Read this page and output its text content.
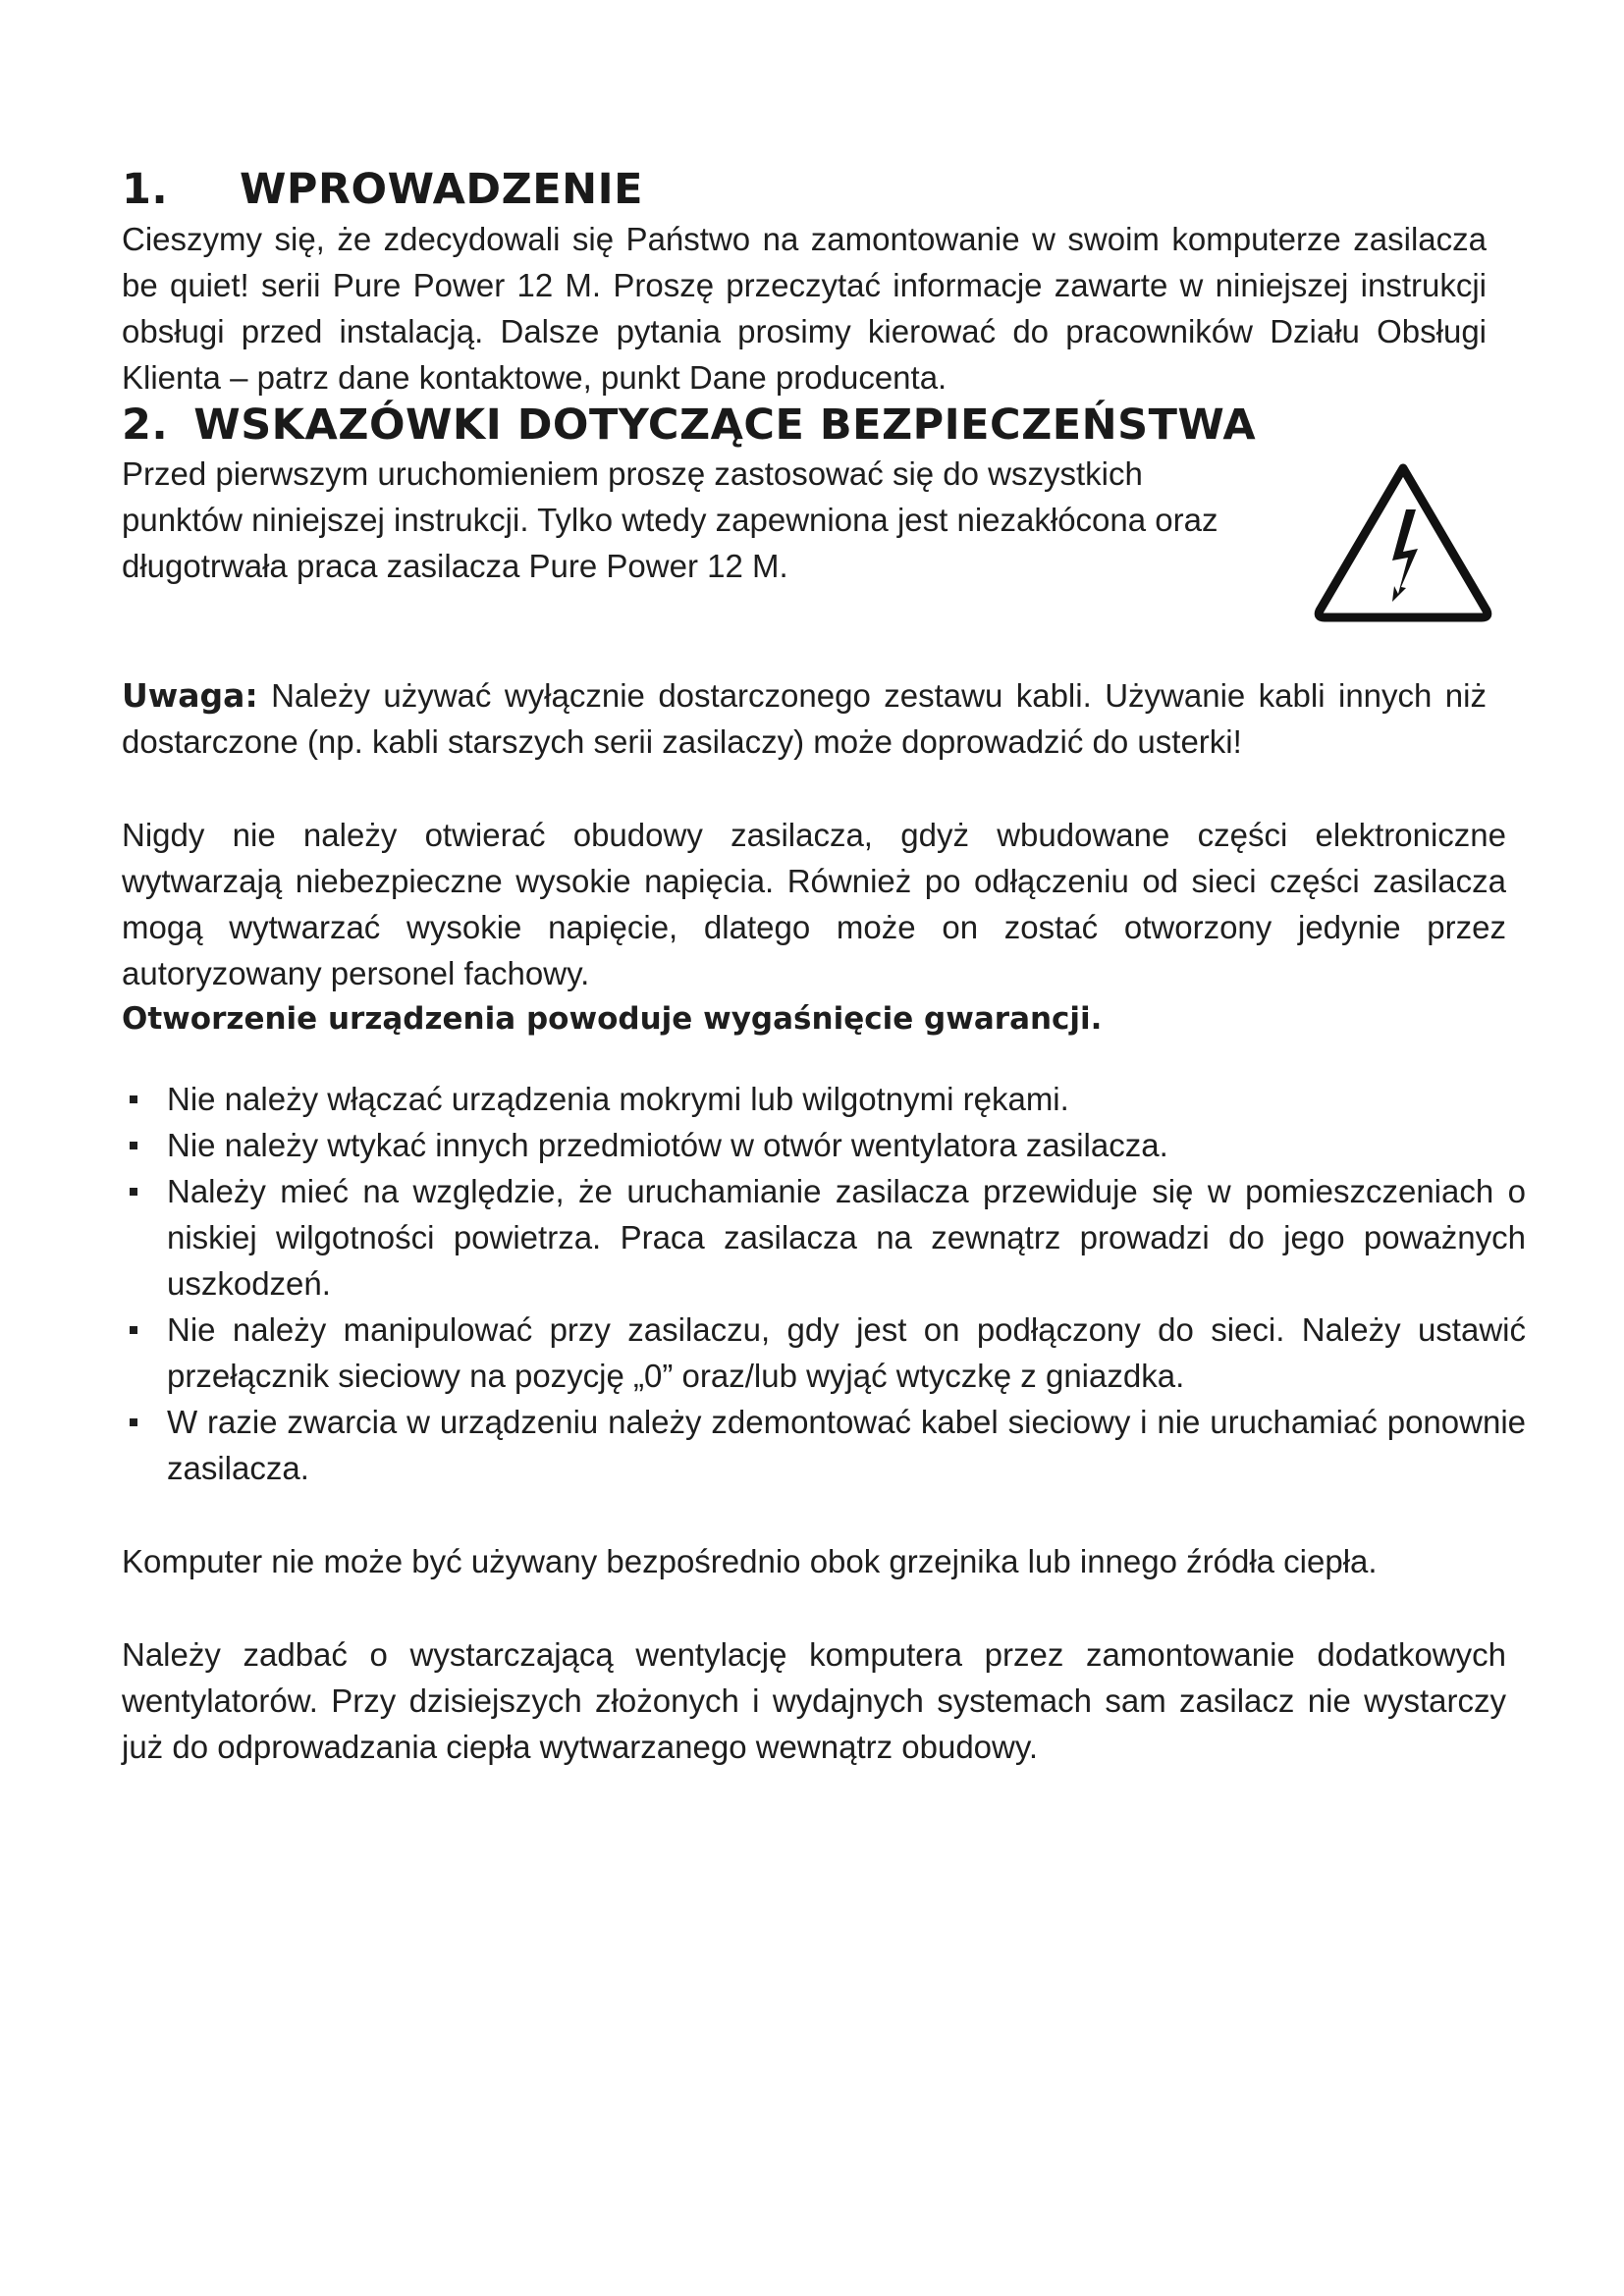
1.	WPROWADZENIE

Cieszymy się, że zdecydowali się Państwo na zamontowanie w swoim komputerze zasilacza be quiet! serii Pure Power 12 M. Proszę przeczytać informacje zawarte w niniejszej instrukcji obsługi przed instalacją. Dalsze pytania prosimy kierować do pracowników Działu Obsługi Klienta – patrz dane kontaktowe, punkt Dane producenta.

2. WSKAZÓWKI DOTYCZĄCE BEZPIECZEŃSTWA

Przed pierwszym uruchomieniem proszę zastosować się do wszystkich punktów niniejszej instrukcji. Tylko wtedy zapewniona jest niezakłócona oraz długotrwała praca zasilacza Pure Power 12 M.

Uwaga: Należy używać wyłącznie dostarczonego zestawu kabli. Używanie kabli innych niż dostarczone (np. kabli starszych serii zasilaczy) może doprowadzić do usterki!

Nigdy nie należy otwierać obudowy zasilacza, gdyż wbudowane części elektroniczne wytwarzają niebezpieczne wysokie napięcia. Również po odłączeniu od sieci części zasilacza mogą wytwarzać wysokie napięcie, dlatego może on zostać otworzony jedynie przez autoryzowany personel fachowy.

Otworzenie urządzenia powoduje wygaśnięcie gwarancji.

Nie należy włączać urządzenia mokrymi lub wilgotnymi rękami.
Nie należy wtykać innych przedmiotów w otwór wentylatora zasilacza.
Należy mieć na względzie, że uruchamianie zasilacza przewiduje się w pomieszczeniach o niskiej wilgotności powietrza. Praca zasilacza na zewnątrz prowadzi do jego poważnych uszkodzeń.
Nie należy manipulować przy zasilaczu, gdy jest on podłączony do sieci. Należy ustawić przełącznik sieciowy na pozycję „0” oraz/lub wyjąć wtyczkę z gniazdka.
W razie zwarcia w urządzeniu należy zdemontować kabel sieciowy i nie uruchamiać ponownie zasilacza.

Komputer nie może być używany bezpośrednio obok grzejnika lub innego źródła ciepła.

Należy zadbać o wystarczającą wentylację komputera przez zamontowanie dodatkowych wentylatorów. Przy dzisiejszych złożonych i wydajnych systemach sam zasilacz nie wystarczy już do odprowadzania ciepła wytwarzanego wewnątrz obudowy.
